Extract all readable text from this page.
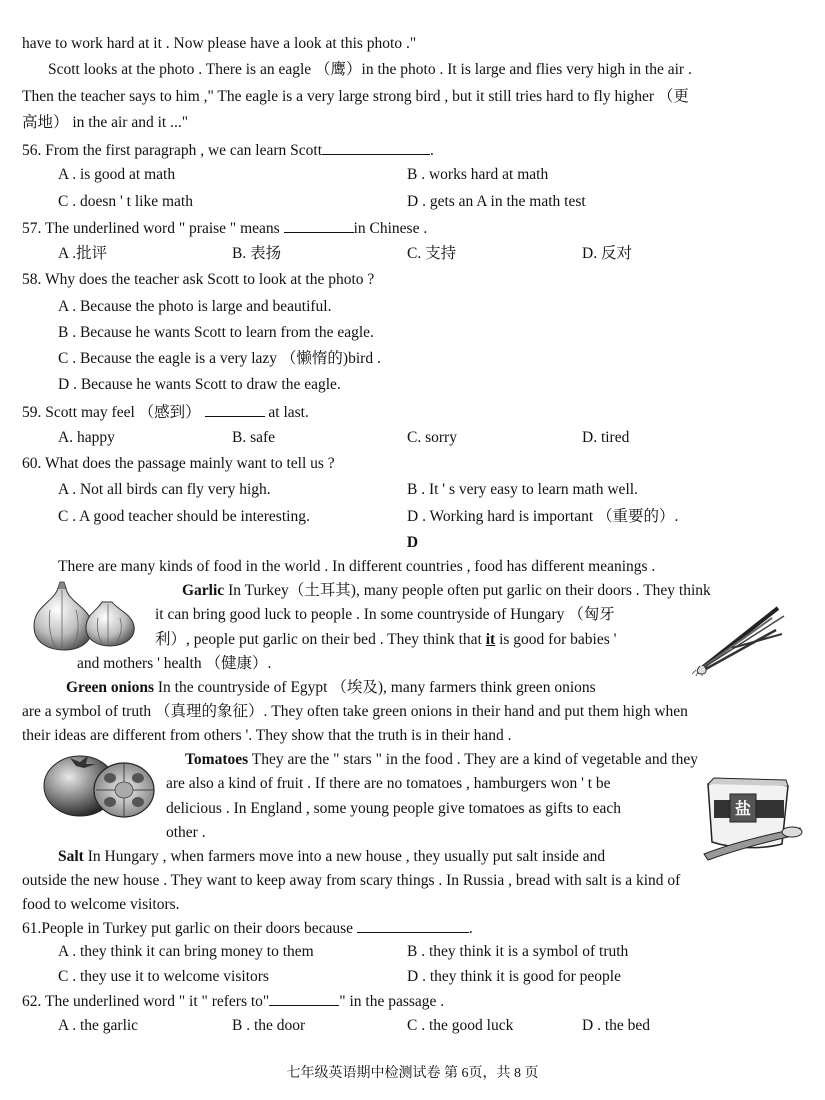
have to work hard at it . Now please have a look at this photo ."
Scott looks at the photo . There is an eagle （鹰）in the photo . It is large and flies very high in the air .
Then the teacher says to him ," The eagle is a very large strong bird , but it still tries hard to fly higher （更
高地） in the air and it ..."
56. From the first paragraph , we can learn Scott	.
A . is good at math	B . works hard at math
C . doesn ' t like math	D . gets an A in the math test
57. The underlined word " praise " means	in Chinese .
A .批评	B. 表扬	C. 支持	D. 反对
58. Why does the teacher ask Scott to look at the photo ?
A . Because the photo is large and beautiful.
B . Because he wants Scott to learn from the eagle.
C . Because the eagle is a very lazy （懒惰的)bird .
D . Because he wants Scott to draw the eagle.
59. Scott may feel （感到）	at last.
A. happy	B. safe	C. sorry	D. tired
60. What does the passage mainly want to tell us ?
A . Not all birds can fly very high.	B . It ' s very easy to learn math well.
C . A good teacher should be interesting.	D . Working hard is important （重要的）.
D
There are many kinds of food in the world . In different countries , food has different meanings .
Garlic In Turkey（土耳其), many people often put garlic on their doors . They think
it can bring good luck to people . In some countryside of Hungary （匈牙
利）, people put garlic on their bed . They think that it is good for babies '
and mothers ' health （健康）.
Green onions In the countryside of Egypt （埃及), many farmers think green onions
are a symbol of truth （真理的象征）. They often take green onions in their hand and put them high when
their ideas are different from others '. They show that the truth is in their hand .
Tomatoes They are the " stars " in the food . They are a kind of vegetable and they
are also a kind of fruit . If there are no tomatoes , hamburgers won ' t be
delicious . In England , some young people give tomatoes as gifts to each
other .
盐
Salt In Hungary , when farmers move into a new house , they usually put salt inside and
outside the new house . They want to keep away from scary things . In Russia , bread with salt is a kind of
food to welcome visitors.
61.People in Turkey put garlic on their doors because	.
A . they think it can bring money to them	B . they think it is a symbol of truth
C . they use it to welcome visitors	D . they think it is good for people
62. The underlined word " it " refers to"	" in the passage .
A . the garlic	B . the door	C . the good luck	D . the bed
七年级英语期中检测试卷 第 6页，共 8 页
